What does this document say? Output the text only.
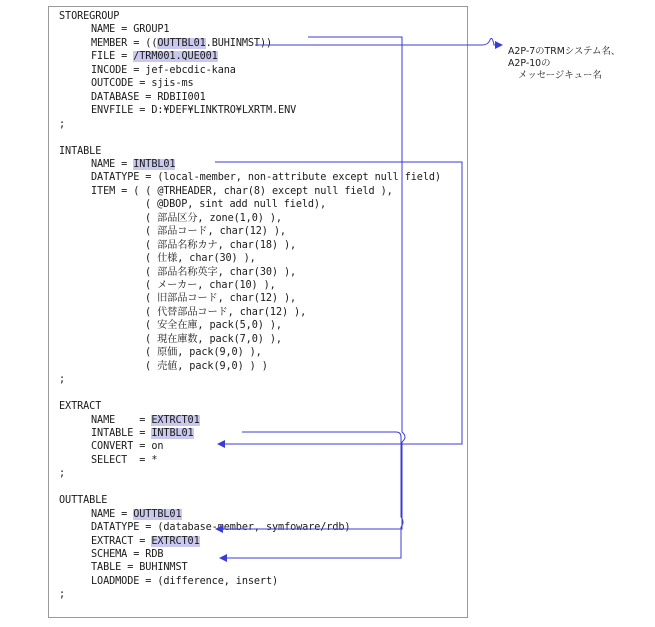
STOREGROUP
NAME = GROUP1
MEMBER = ((OUTTBL01.BUHINMST))
FILE = /TRM001.QUE001
INCODE = jef-ebcdic-kana
OUTCODE = sjis-ms
DATABASE = RDBII001
ENVFILE = D:¥DEF¥LINKTRO¥LXRTM.ENV
;
INTABLE
NAME = INTBL01
DATATYPE = (local-member, non-attribute except null field)
ITEM = ( ( @TRHEADER, char(8) except null field ),
( @DBOP, sint add null field),
( 部品区分, zone(1,0) ),
( 部品コード, char(12) ),
( 部品名称カナ, char(18) ),
( 仕様, char(30) ),
( 部品名称英字, char(30) ),
( メーカー, char(10) ),
( 旧部品コード, char(12) ),
( 代替部品コード, char(12) ),
( 安全在庫, pack(5,0) ),
( 現在庫数, pack(7,0) ),
( 原価, pack(9,0) ),
( 売値, pack(9,0) ) )
;
EXTRACT
NAME    = EXTRCT01
INTABLE = INTBL01
CONVERT = on
SELECT  = *
;
OUTTABLE
NAME = OUTTBL01
DATATYPE = (database-member, symfoware/rdb)
EXTRACT = EXTRCT01
SCHEMA = RDB
TABLE = BUHINMST
LOADMODE = (difference, insert)
;
A2P-7のTRMシステム名、
A2P-10の
メッセージキュー名
